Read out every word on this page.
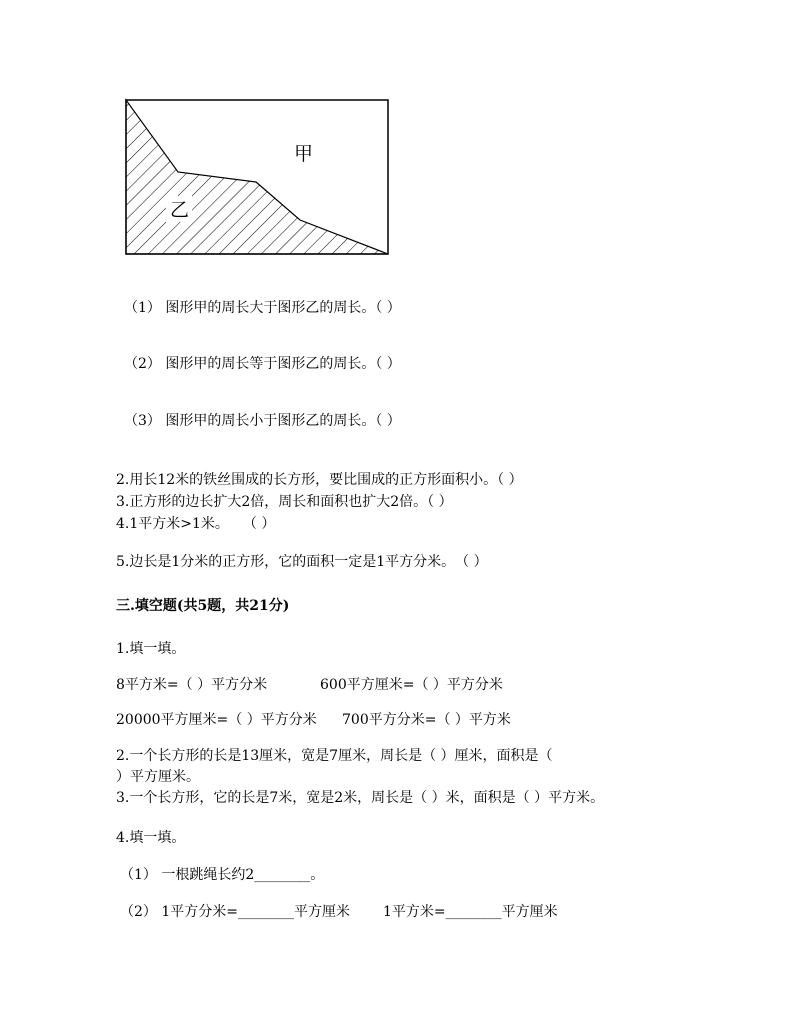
乙
甲
（1） 图形甲的周长大于图形乙的周长。（ ）
（2） 图形甲的周长等于图形乙的周长。（ ）
（3） 图形甲的周长小于图形乙的周长。（ ）
2.用长12米的铁丝围成的长方形，要比围成的正方形面积小。（ ）
3.正方形的边长扩大2倍，周长和面积也扩大2倍。（ ）
4.1平方米>1米。　　（ ）
5.边长是1分米的正方形，它的面积一定是1平方分米。　（ ）
三.填空题(共5题，共21分)
1.填一填。
8平方米=（ ）平方分米	600平方厘米=（ ）平方分米
20000平方厘米=（ ）平方分米 700平方分米=（ ）平方米
2.一个长方形的长是13厘米，宽是7厘米，周长是（ ）厘米，面积是（
）平方厘米。
3.一个长方形，它的长是7米，宽是2米，周长是（ ）米，面积是（ ）平方米。
4.填一填。
（1） 一根跳绳长约2________。
（2） 1平方分米=________平方厘米 1平方米=________平方厘米
